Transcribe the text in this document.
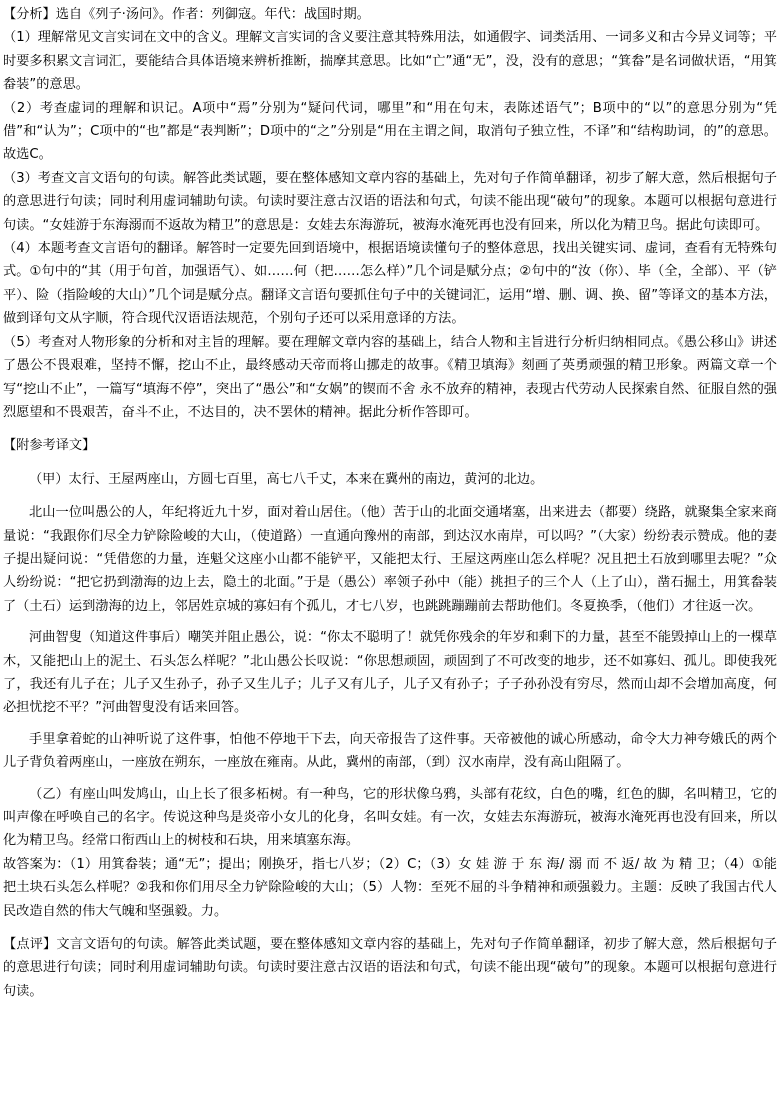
【分析】选自《列子·汤问》。作者：列御寇。年代：战国时期。

（1）理解常见文言实词在文中的含义。理解文言实词的含义要注意其特殊用法，如通假字、词类活用、一词多义和古今异义词等；平时要多积累文言词汇，要能结合具体语境来辨析推断，揣摩其意思。比如“亡”通“无”，没，没有的意思；“箕畚”是名词做状语，“用箕畚装”的意思。

（2）考查虚词的理解和识记。A项中“焉”分别为“疑问代词，哪里”和“用在句末，表陈述语气”；B项中的“以”的意思分别为“凭借”和“认为”；C项中的“也”都是“表判断”；D项中的“之”分别是“用在主谓之间，取消句子独立性，不译”和“结构助词，的”的意思。故选C。

（3）考查文言文语句的句读。解答此类试题，要在整体感知文章内容的基础上，先对句子作简单翻译，初步了解大意，然后根据句子的意思进行句读；同时利用虚词辅助句读。句读时要注意古汉语的语法和句式，句读不能出现“破句”的现象。本题可以根据句意进行句读。“女娃游于东海溺而不返故为精卫”的意思是：女娃去东海游玩，被海水淹死再也没有回来，所以化为精卫鸟。据此句读即可。

（4）本题考查文言语句的翻译。解答时一定要先回到语境中，根据语境读懂句子的整体意思，找出关键实词、虚词，查看有无特殊句式。①句中的“其（用于句首，加强语气）、如……何（把……怎么样）”几个词是赋分点；②句中的“汝（你）、毕（全，全部）、平（铲平）、险（指险峻的大山）”几个词是赋分点。翻译文言语句要抓住句子中的关键词汇，运用“增、删、调、换、留”等译文的基本方法，做到译句文从字顺，符合现代汉语语法规范，个别句子还可以采用意译的方法。

（5）考查对人物形象的分析和对主旨的理解。要在理解文章内容的基础上，结合人物和主旨进行分析归纳相同点。《愚公移山》讲述了愚公不畏艰难，坚持不懈，挖山不止，最终感动天帝而将山挪走的故事。《精卫填海》刻画了英勇顽强的精卫形象。两篇文章一个写“挖山不止”，一篇写“填海不停”，突出了“愚公”和“女娲”的锲而不舍 永不放弃的精神，表现古代劳动人民探索自然、征服自然的强烈愿望和不畏艰苦，奋斗不止，不达目的，决不罢休的精神。据此分析作答即可。

【附参考译文】

（甲）太行、王屋两座山，方圆七百里，高七八千丈，本来在冀州的南边，黄河的北边。

北山一位叫愚公的人，年纪将近九十岁，面对着山居住。（他）苦于山的北面交通堵塞，出来进去（都要）绕路，就聚集全家来商量说：“我跟你们尽全力铲除险峻的大山，（使道路）一直通向豫州的南部，到达汉水南岸，可以吗？”（大家）纷纷表示赞成。他的妻子提出疑问说：“凭借您的力量，连魁父这座小山都不能铲平，又能把太行、王屋这两座山怎么样呢？况且把土石放到哪里去呢？”众人纷纷说：“把它扔到渤海的边上去，隐土的北面。”于是（愚公）率领子孙中（能）挑担子的三个人（上了山），凿石掘土，用箕畚装了（土石）运到渤海的边上，邻居姓京城的寡妇有个孤儿，才七八岁，也跳跳蹦蹦前去帮助他们。冬夏换季，（他们）才往返一次。

河曲智叟（知道这件事后）嘲笑并阻止愚公，说：“你太不聪明了！就凭你残余的年岁和剩下的力量，甚至不能毁掉山上的一棵草木，又能把山上的泥土、石头怎么样呢？”北山愚公长叹说：“你思想顽固，顽固到了不可改变的地步，还不如寡妇、孤儿。即使我死了，我还有儿子在；儿子又生孙子，孙子又生儿子；儿子又有儿子，儿子又有孙子；子子孙孙没有穷尽，然而山却不会增加高度，何必担忧挖不平？”河曲智叟没有话来回答。

手里拿着蛇的山神听说了这件事，怕他不停地干下去，向天帝报告了这件事。天帝被他的诚心所感动，命令大力神夸娥氏的两个儿子背负着两座山，一座放在朔东，一座放在雍南。从此，冀州的南部，（到）汉水南岸，没有高山阻隔了。

（乙）有座山叫发鸠山，山上长了很多柘树。有一种鸟，它的形状像乌鸦，头部有花纹，白色的嘴，红色的脚，名叫精卫，它的叫声像在呼唤自己的名字。传说这种鸟是炎帝小女儿的化身，名叫女娃。有一次，女娃去东海游玩，被海水淹死再也没有回来，所以化为精卫鸟。经常口衔西山上的树枝和石块，用来填塞东海。

故答案为：（1）用箕畚装；通“无”；提出；刚换牙，指七八岁；（2）C；（3）女 娃 游 于 东 海/ 溺 而 不 返/ 故 为 精 卫；（4）①能把土块石头怎么样呢？②我和你们用尽全力铲除险峻的大山；（5）人物：至死不屈的斗争精神和顽强毅力。主题：反映了我国古代人民改造自然的伟大气魄和坚强毅。力。

【点评】文言文语句的句读。解答此类试题，要在整体感知文章内容的基础上，先对句子作简单翻译，初步了解大意，然后根据句子的意思进行句读；同时利用虚词辅助句读。句读时要注意古汉语的语法和句式，句读不能出现“破句”的现象。本题可以根据句意进行句读。
